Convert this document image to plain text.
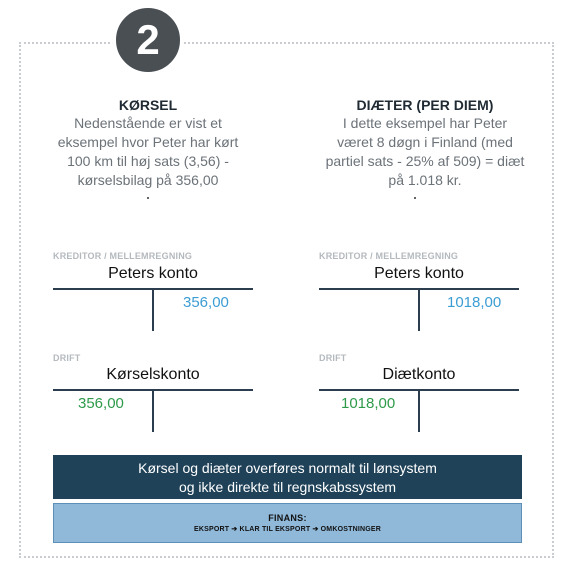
2
KØRSEL
Nedenstående er vist et
eksempel hvor Peter har kørt
100 km til høj sats (3,56) -
kørselsbilag på 356,00
KREDITOR / MELLEMREGNING
Peters konto
356,00
DRIFT
Kørselskonto
356,00
DIÆTER (PER DIEM)
I dette eksempel har Peter
været 8 døgn i Finland (med
partiel sats - 25% af 509) = diæt
på 1.018 kr.
KREDITOR / MELLEMREGNING
Peters konto
1018,00
DRIFT
Diætkonto
1018,00
Kørsel og diæter overføres normalt til lønsystem
og ikke direkte til regnskabssystem
FINANS:
EKSPORT ➔ KLAR TIL EKSPORT ➔ OMKOSTNINGER
